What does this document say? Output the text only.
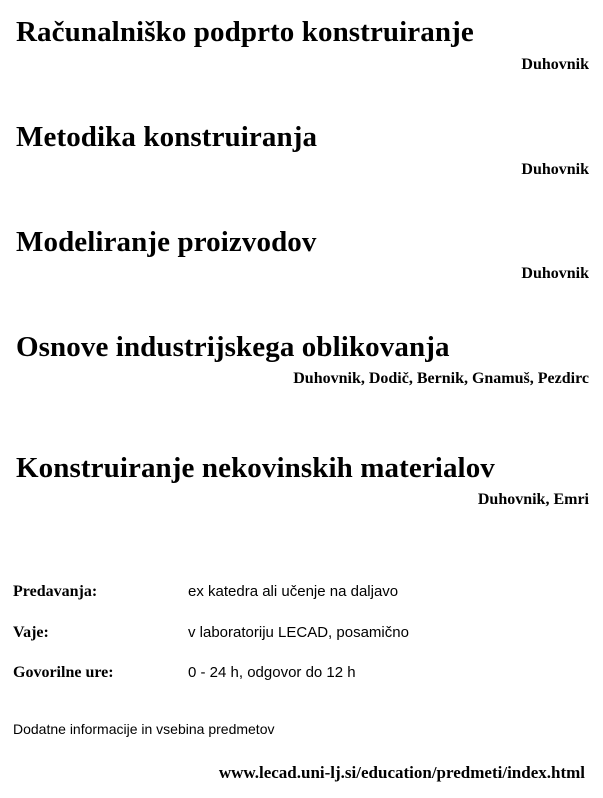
Računalniško podprto konstruiranje
Duhovnik
Metodika konstruiranja
Duhovnik
Modeliranje proizvodov
Duhovnik
Osnove industrijskega oblikovanja
Duhovnik, Dodič, Bernik, Gnamuš, Pezdirc
Konstruiranje nekovinskih materialov
Duhovnik, Emri
Predavanja:	ex katedra ali učenje na daljavo
Vaje:	v laboratoriju LECAD, posamično
Govorilne ure:	0 - 24 h, odgovor do 12 h
Dodatne informacije in vsebina predmetov
www.lecad.uni-lj.si/education/predmeti/index.html
